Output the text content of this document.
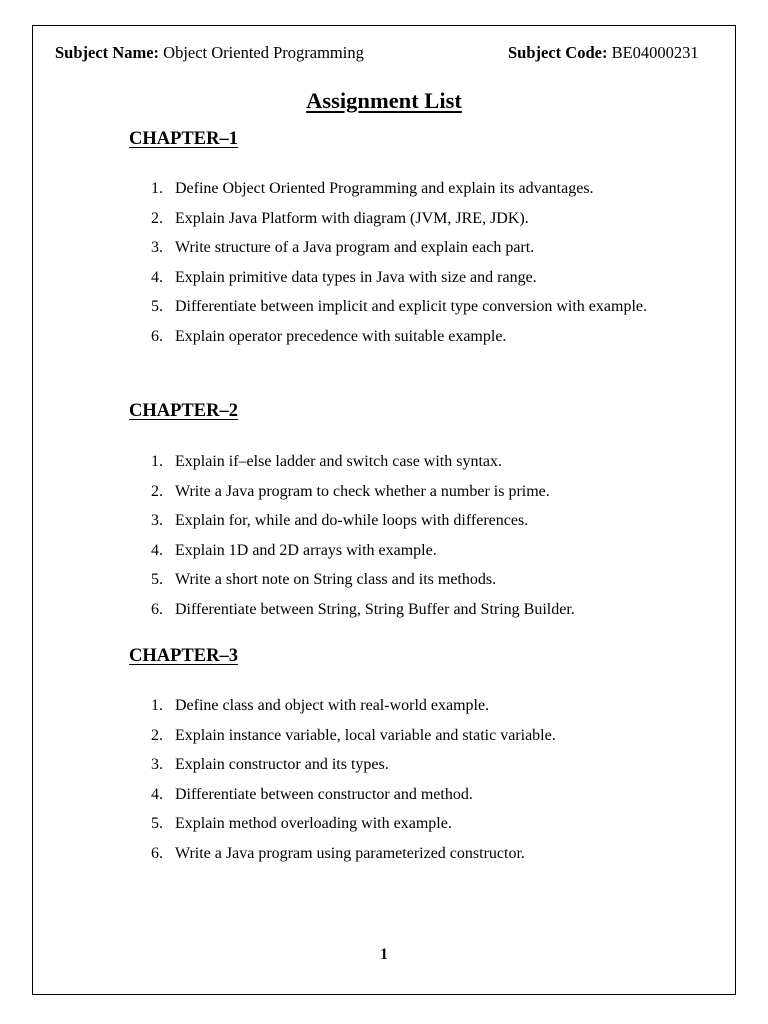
Subject Name: Object Oriented Programming	Subject Code: BE04000231
Assignment List
CHAPTER–1
1. Define Object Oriented Programming and explain its advantages.
2. Explain Java Platform with diagram (JVM, JRE, JDK).
3. Write structure of a Java program and explain each part.
4. Explain primitive data types in Java with size and range.
5. Differentiate between implicit and explicit type conversion with example.
6. Explain operator precedence with suitable example.
CHAPTER–2
1. Explain if–else ladder and switch case with syntax.
2. Write a Java program to check whether a number is prime.
3. Explain for, while and do-while loops with differences.
4. Explain 1D and 2D arrays with example.
5. Write a short note on String class and its methods.
6. Differentiate between String, String Buffer and String Builder.
CHAPTER–3
1. Define class and object with real-world example.
2. Explain instance variable, local variable and static variable.
3. Explain constructor and its types.
4. Differentiate between constructor and method.
5. Explain method overloading with example.
6. Write a Java program using parameterized constructor.
1
